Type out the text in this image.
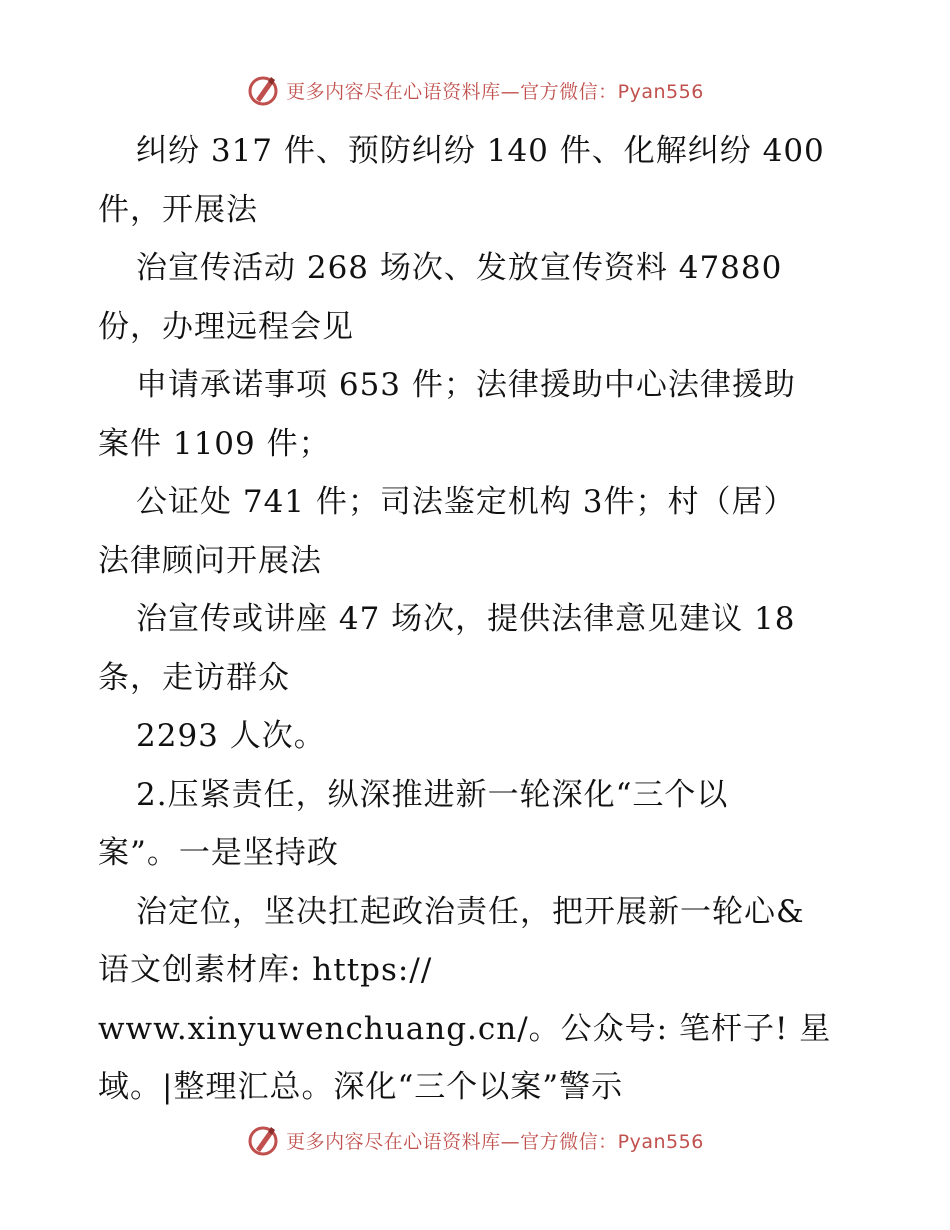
更多内容尽在心语资料库—官方微信：Pyan556
纠纷 317 件、预防纠纷 140 件、化解纠纷 400
件，开展法
治宣传活动 268 场次、发放宣传资料 47880
份，办理远程会见
申请承诺事项 653 件；法律援助中心法律援助
案件 1109 件；
公证处 741 件；司法鉴定机构 3件；村（居）
法律顾问开展法
治宣传或讲座 47 场次，提供法律意见建议 18
条，走访群众
2293 人次。
2.压紧责任，纵深推进新一轮深化“三个以
案”。一是坚持政
治定位，坚决扛起政治责任，把开展新一轮心&
语文创素材库: https://
www.xinyuwenchuang.cn/。公众号: 笔杆子! 星
域。|整理汇总。深化“三个以案”警示
更多内容尽在心语资料库—官方微信：Pyan556
